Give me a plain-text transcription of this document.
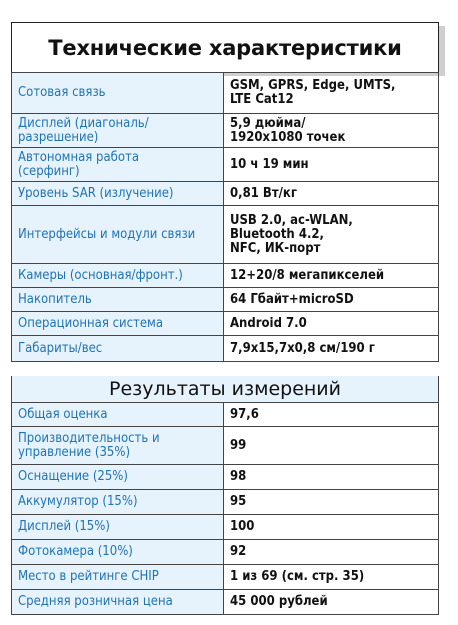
Технические характеристики
Сотовая связь	GSM, GPRS, Edge, UMTS,
LTE Cat12
Дисплей (диагональ/
разрешение)	5,9 дюйма/
1920x1080 точек
Автономная работа
(серфинг)	10 ч 19 мин
Уровень SAR (излучение)	0,81 Вт/кг
Интерфейсы и модули связи	USB 2.0, ac-WLAN,
Bluetooth 4.2,
NFC, ИК-порт
Камеры (основная/фронт.)	12+20/8 мегапикселей
Накопитель	64 Гбайт+microSD
Операционная система	Android 7.0
Габариты/вес	7,9x15,7x0,8 см/190 г
Результаты измерений
Общая оценка	97,6
Производительность и
управление (35%)	99
Оснащение (25%)	98
Аккумулятор (15%)	95
Дисплей (15%)	100
Фотокамера (10%)	92
Место в рейтинге CHIP	1 из 69 (см. стр. 35)
Средняя розничная цена	45 000 рублей
